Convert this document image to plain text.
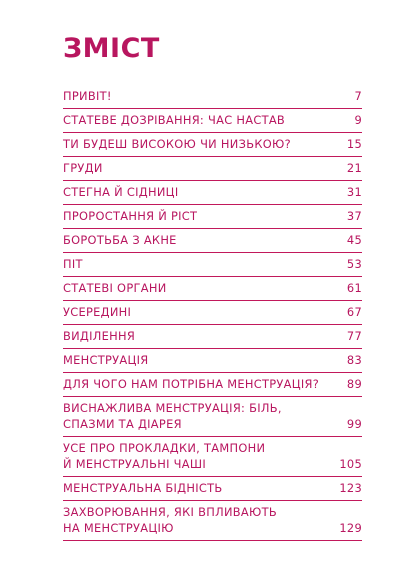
ЗМІСТ
ПРИВІТ!	7
СТАТЕВЕ ДОЗРІВАННЯ: ЧАС НАСТАВ	9
ТИ БУДЕШ ВИСОКОЮ ЧИ НИЗЬКОЮ?	15
ГРУДИ	21
СТЕГНА Й СІДНИЦІ	31
ПРОРОСТАННЯ Й РІСТ	37
БОРОТЬБА З АКНЕ	45
ПІТ	53
СТАТЕВІ ОРГАНИ	61
УСЕРЕДИНІ	67
ВИДІЛЕННЯ	77
МЕНСТРУАЦІЯ	83
ДЛЯ ЧОГО НАМ ПОТРІБНА МЕНСТРУАЦІЯ?	89
ВИСНАЖЛИВА МЕНСТРУАЦІЯ: БІЛЬ,
СПАЗМИ ТА ДІАРЕЯ	99
УСЕ ПРО ПРОКЛАДКИ, ТАМПОНИ
Й МЕНСТРУАЛЬНІ ЧАШІ	105
МЕНСТРУАЛЬНА БІДНІСТЬ	123
ЗАХВОРЮВАННЯ, ЯКІ ВПЛИВАЮТЬ
НА МЕНСТРУАЦІЮ	129
